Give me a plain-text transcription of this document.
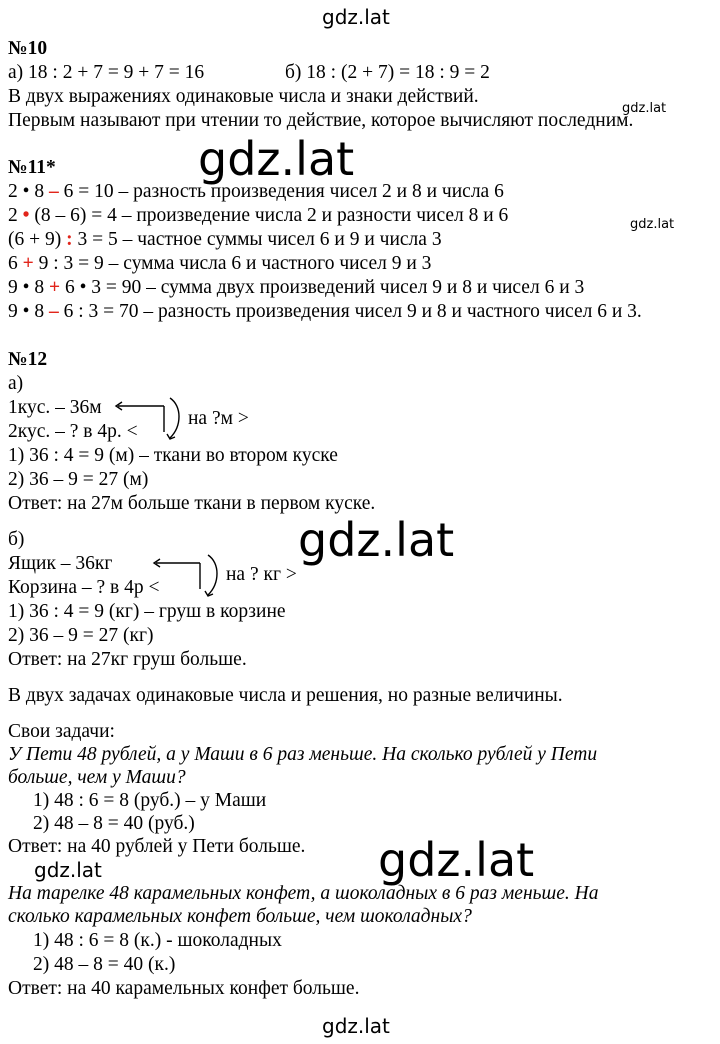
gdz.lat
gdz.lat
gdz.lat
gdz.lat
gdz.lat
gdz.lat	gdz.lat
gdz.lat
№10
а) 18 : 2 + 7 = 9 + 7 = 16	б) 18 : (2 + 7) = 18 : 9 = 2
В двух выражениях одинаковые числа и знаки действий.
Первым называют при чтении то действие, которое вычисляют последним.
№11*
2 • 8 – 6 = 10 – разность произведения чисел 2 и 8 и числа 6
2 • (8 – 6) = 4 – произведение числа 2 и разности чисел 8 и 6
(6 + 9) : 3 = 5 – частное суммы чисел 6 и 9 и числа 3
6 + 9 : 3 = 9 – сумма числа 6 и частного чисел 9 и 3
9 • 8 + 6 • 3 = 90 – сумма двух произведений чисел 9 и 8 и чисел 6 и 3
9 • 8 – 6 : 3 = 70 – разность произведения чисел 9 и 8 и частного чисел 6 и 3.
№12
а)
1кус. – 36м
2кус. – ? в 4р. <
на ?м >
1) 36 : 4 = 9 (м) – ткани во втором куске
2) 36 – 9 = 27 (м)
Ответ: на 27м больше ткани в первом куске.
б)
Ящик – 36кг
Корзина – ? в 4р <
на ? кг >
1) 36 : 4 = 9 (кг) – груш в корзине
2) 36 – 9 = 27 (кг)
Ответ: на 27кг груш больше.
В двух задачах одинаковые числа и решения, но разные величины.
Свои задачи:
У Пети 48 рублей, а у Маши в 6 раз меньше. На сколько рублей у Пети
больше, чем у Маши?
1) 48 : 6 = 8 (руб.) – у Маши
2) 48 – 8 = 40 (руб.)
Ответ: на 40 рублей у Пети больше.
На тарелке 48 карамельных конфет, а шоколадных в 6 раз меньше. На
сколько карамельных конфет больше, чем шоколадных?
1) 48 : 6 = 8 (к.) - шоколадных
2) 48 – 8 = 40 (к.)
Ответ: на 40 карамельных конфет больше.
